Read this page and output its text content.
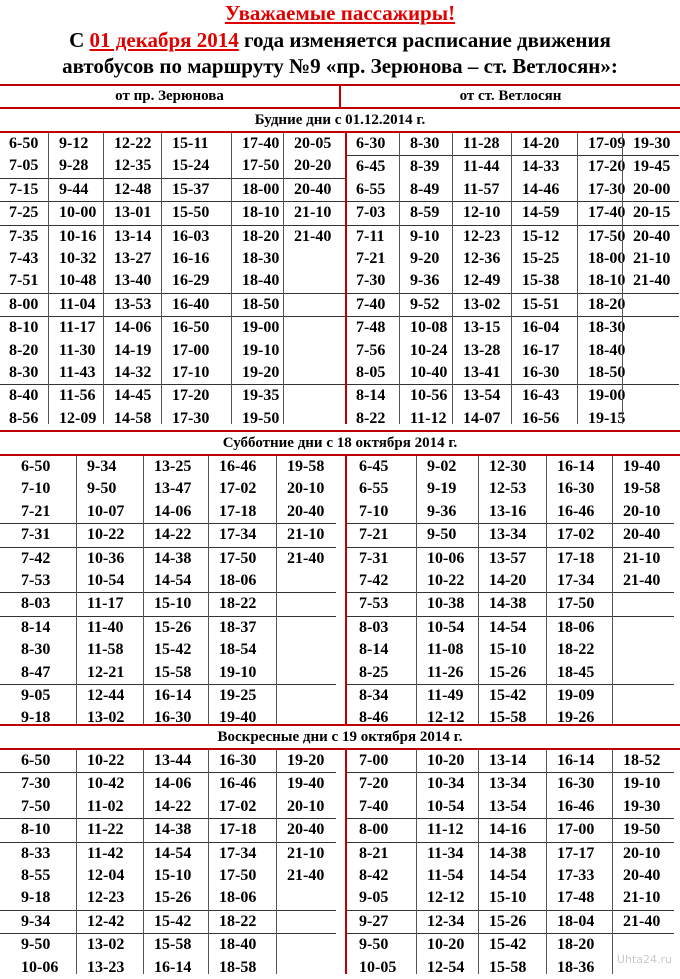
Уважаемые пассажиры!
С 01 декабря 2014 года изменяется расписание движения
автобусов по маршруту №9 «пр. Зерюнова – ст. Ветлосян»:
от пр. Зерюнова	от ст. Ветлосян
Будние дни с 01.12.2014 г.
6-50	9-12	12-22	15-11	17-40 20-05
7-05	9-28	12-35	15-24	17-50 20-20
7-15	9-44	12-48	15-37	18-00 20-40
7-25	10-00	13-01	15-50	18-10 21-10
7-35	10-16	13-14	16-03	18-20 21-40
7-43	10-32	13-27	16-16	18-30
7-51	10-48	13-40	16-29	18-40
8-00	11-04	13-53	16-40	18-50
8-10	11-17	14-06	16-50	19-00
8-20	11-30	14-19	17-00	19-10
8-30	11-43	14-32	17-10	19-20
8-40	11-56	14-45	17-20	19-35
8-56	12-09	14-58	17-30	19-50
6-30	8-30	11-28	14-20	17-09 19-30
6-45	8-39	11-44	14-33	17-20 19-45
6-55	8-49	11-57	14-46	17-30 20-00
7-03	8-59	12-10	14-59	17-40 20-15
7-11	9-10	12-23	15-12	17-50 20-40
7-21	9-20	12-36	15-25	18-00 21-10
7-30	9-36	12-49	15-38	18-10 21-40
7-40	9-52	13-02	15-51	18-20
7-48	10-08 13-15	16-04	18-30
7-56	10-24 13-28	16-17	18-40
8-05	10-40 13-41	16-30	18-50
8-14	10-56 13-54	16-43	19-00
8-22	11-12	14-07	16-56	19-15
Субботние дни с 18 октября 2014 г.
6-50	9-34	13-25	16-46	19-58
7-10	9-50	13-47	17-02	20-10
7-21	10-07	14-06	17-18	20-40
7-31	10-22	14-22	17-34	21-10
7-42	10-36	14-38	17-50	21-40
7-53	10-54	14-54	18-06
8-03	11-17	15-10	18-22
8-14	11-40	15-26	18-37
8-30	11-58	15-42	18-54
8-47	12-21	15-58	19-10
9-05	12-44	16-14	19-25
9-18	13-02	16-30	19-40
6-45	9-02	12-30	16-14	19-40
6-55	9-19	12-53	16-30	19-58
7-10	9-36	13-16	16-46	20-10
7-21	9-50	13-34	17-02	20-40
7-31	10-06	13-57	17-18	21-10
7-42	10-22	14-20	17-34	21-40
7-53	10-38	14-38	17-50
8-03	10-54	14-54	18-06
8-14	11-08	15-10	18-22
8-25	11-26	15-26	18-45
8-34	11-49	15-42	19-09
8-46	12-12	15-58	19-26
Воскресные дни с 19 октября 2014 г.
6-50	10-22	13-44	16-30	19-20
7-30	10-42	14-06	16-46	19-40
7-50	11-02	14-22	17-02	20-10
8-10	11-22	14-38	17-18	20-40
8-33	11-42	14-54	17-34	21-10
8-55	12-04	15-10	17-50	21-40
9-18	12-23	15-26	18-06
9-34	12-42	15-42	18-22
9-50	13-02	15-58	18-40
10-06	13-23	16-14	18-58
7-00	10-20	13-14	16-14	18-52
7-20	10-34	13-34	16-30	19-10
7-40	10-54	13-54	16-46	19-30
8-00	11-12	14-16	17-00	19-50
8-21	11-34	14-38	17-17	20-10
8-42	11-54	14-54	17-33	20-40
9-05	12-12	15-10	17-48	21-10
9-27	12-34	15-26	18-04	21-40
9-50	10-20	15-42	18-20
10-05	12-54	15-58	18-36	Uhta24.ru
